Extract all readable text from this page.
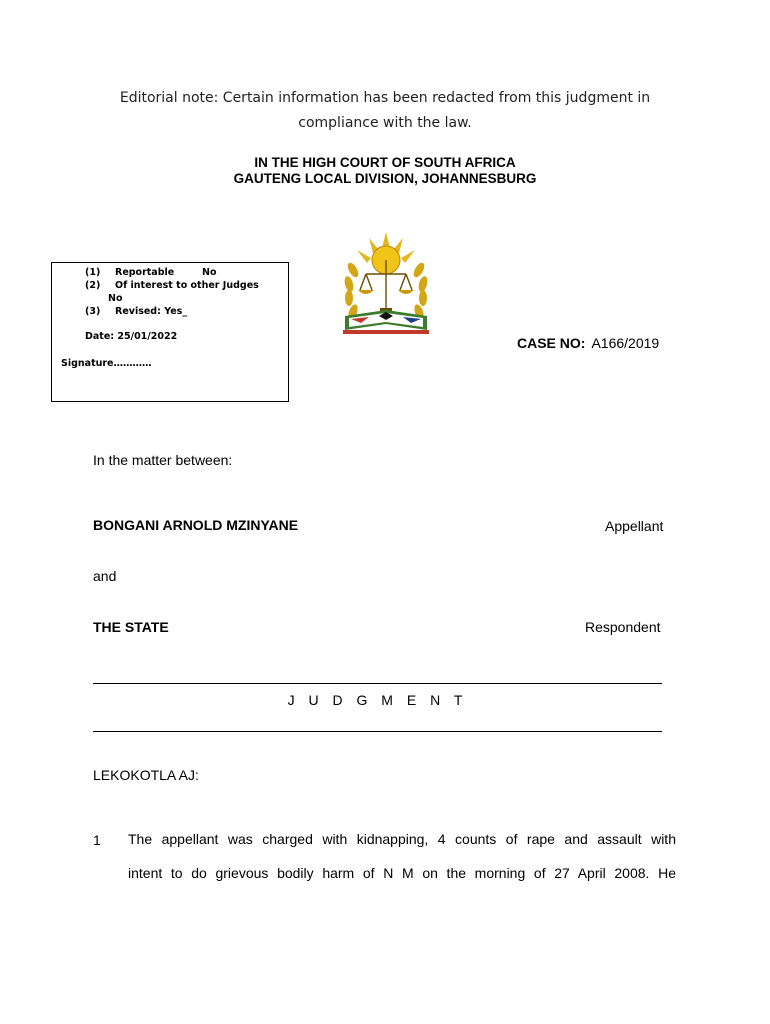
Editorial note: Certain information has been redacted from this judgment in
compliance with the law.
IN THE HIGH COURT OF SOUTH AFRICA
GAUTENG LOCAL DIVISION, JOHANNESBURG
(1) Reportable	No
(2) Of interest to other Judges
No
(3) Revised: Yes_
Date: 25/01/2022
Signature…………
CASE NO: A166/2019
In the matter between:
BONGANI ARNOLD MZINYANE	Appellant
and
THE STATE	Respondent
J U D G M E N T
LEKOKOTLA AJ:
1 The appellant was charged with kidnapping, 4 counts of rape and assault with
intent to do grievous bodily harm of N M on the morning of 27 April 2008. He
